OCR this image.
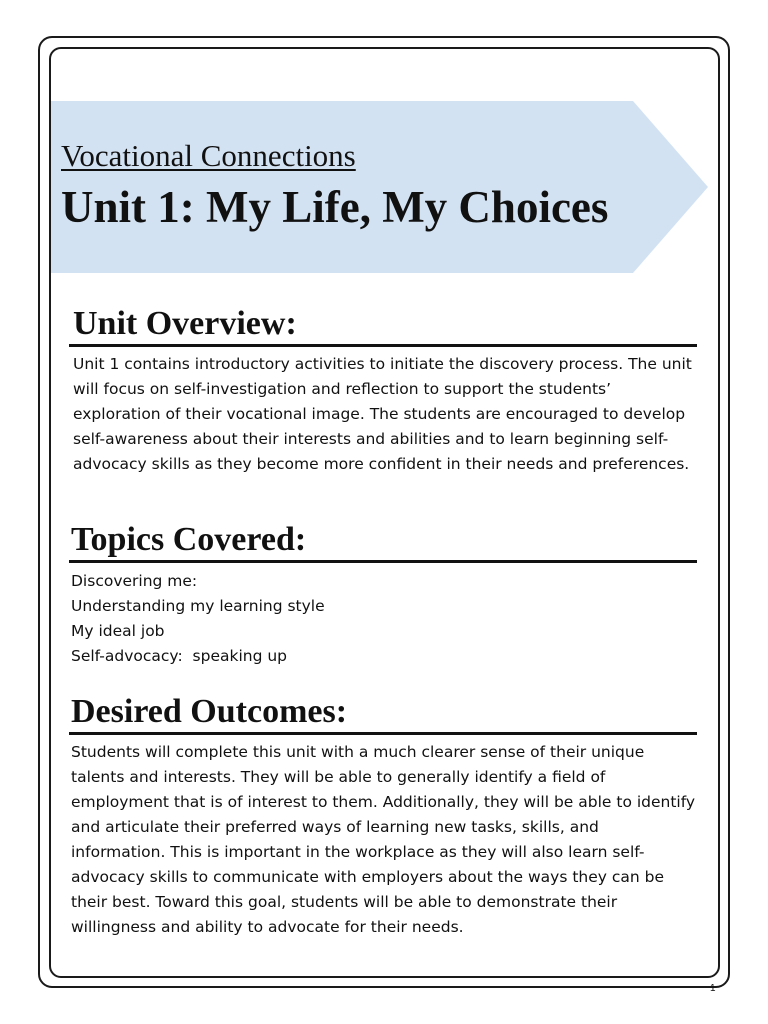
Vocational Connections
Unit 1: My Life, My Choices
Unit Overview:

Unit 1 contains introductory activities to initiate the discovery process. The unit will focus on self-investigation and reflection to support the students’ exploration of their vocational image. The students are encouraged to develop self-awareness about their interests and abilities and to learn beginning self-advocacy skills as they become more confident in their needs and preferences.

Topics Covered:
Discovering me:
Understanding my learning style
My ideal job
Self-advocacy:  speaking up
Desired Outcomes:

Students will complete this unit with a much clearer sense of their unique talents and interests. They will be able to generally identify a field of employment that is of interest to them. Additionally, they will be able to identify and articulate their preferred ways of learning new tasks, skills, and information. This is important in the workplace as they will also learn self-advocacy skills to communicate with employers about the ways they can be their best. Toward this goal, students will be able to demonstrate their willingness and ability to advocate for their needs.

1
